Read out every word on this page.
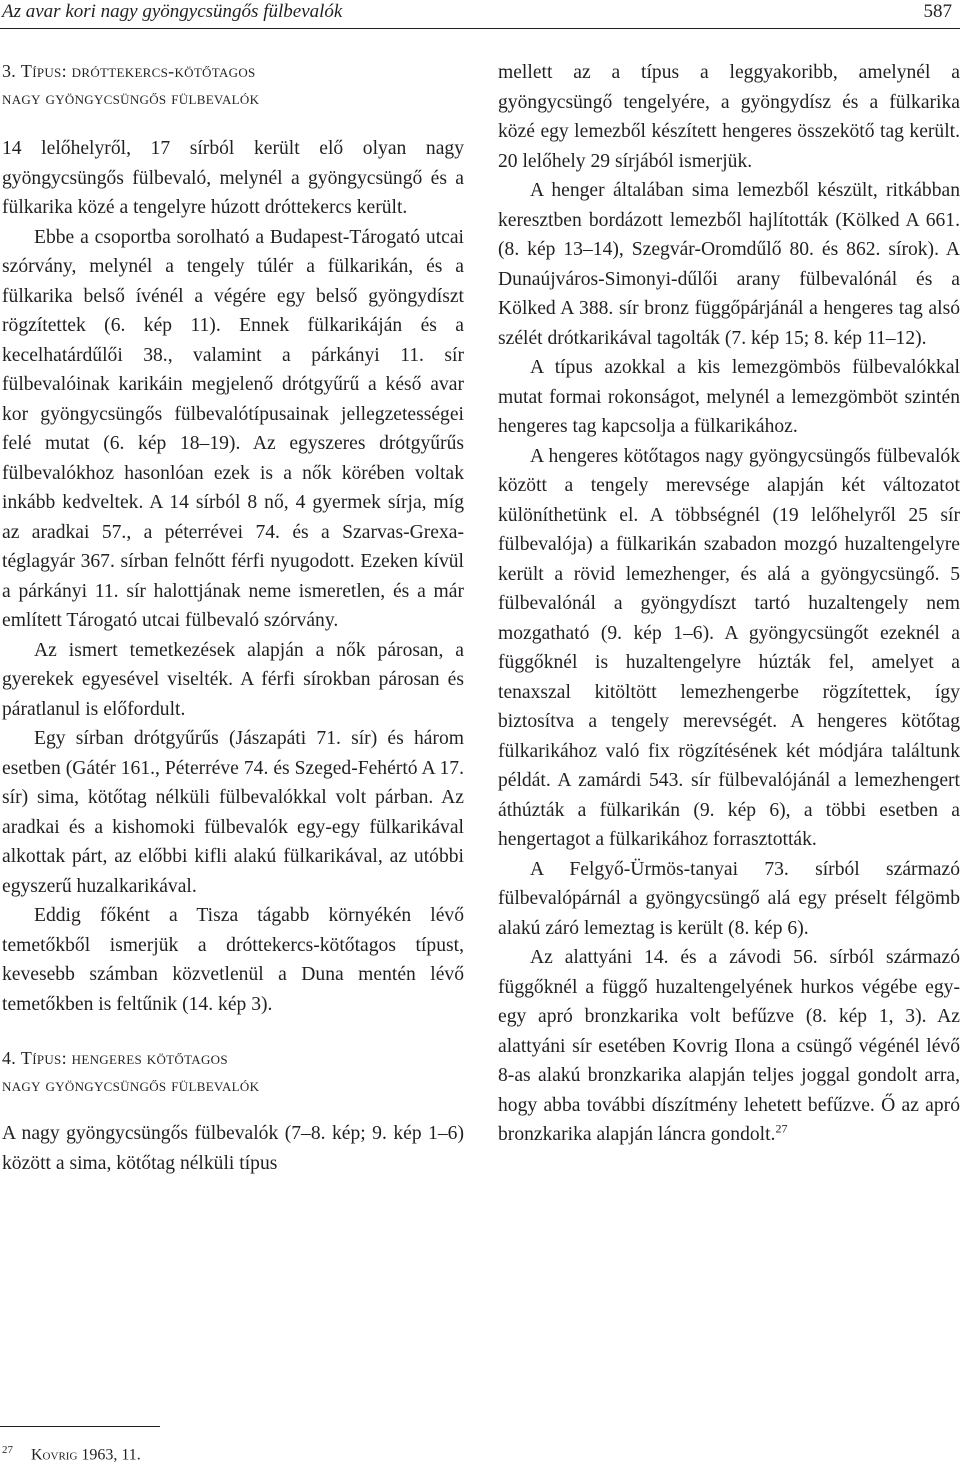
Az avar kori nagy gyöngycsüngős fülbevalók	587
3. Típus: dróttekercs-kötőtagos
nagy gyöngycsüngős fülbevalók

14 lelőhelyről, 17 sírból került elő olyan nagy gyöngycsüngős fülbevaló, melynél a gyöngycsüngő és a fülkarika közé a tengelyre húzott dróttekercs került.

Ebbe a csoportba sorolható a Budapest-Tárogató utcai szórvány, melynél a tengely túlér a fülkarikán, és a fülkarika belső ívénél a végére egy belső gyöngydíszt rögzítettek (6. kép 11). Ennek fülkarikáján és a kecelhatárdűlői 38., valamint a párkányi 11. sír fülbevalóinak karikáin megjelenő drótgyűrű a késő avar kor gyöngycsüngős fülbevalótípusainak jellegzetességei felé mutat (6. kép 18–19). Az egyszeres drótgyűrűs fülbevalókhoz hasonlóan ezek is a nők körében voltak inkább kedveltek. A 14 sírból 8 nő, 4 gyermek sírja, míg az aradkai 57., a péterrévei 74. és a Szarvas-Grexa-téglagyár 367. sírban felnőtt férfi nyugodott. Ezeken kívül a párkányi 11. sír halottjának neme ismeretlen, és a már említett Tárogató utcai fülbevaló szórvány.

Az ismert temetkezések alapján a nők párosan, a gyerekek egyesével viselték. A férfi sírokban párosan és páratlanul is előfordult.

Egy sírban drótgyűrűs (Jászapáti 71. sír) és három esetben (Gátér 161., Péterréve 74. és Szeged-Fehértó A 17. sír) sima, kötőtag nélküli fülbevalókkal volt párban. Az aradkai és a kishomoki fülbevalók egy-egy fülkarikával alkottak párt, az előbbi kifli alakú fülkarikával, az utóbbi egyszerű huzalkarikával.

Eddig főként a Tisza tágabb környékén lévő temetőkből ismerjük a dróttekercs-kötőtagos típust, kevesebb számban közvetlenül a Duna mentén lévő temetőkben is feltűnik (14. kép 3).

4. Típus: hengeres kötőtagos
nagy gyöngycsüngős fülbevalók

A nagy gyöngycsüngős fülbevalók (7–8. kép; 9. kép 1–6) között a sima, kötőtag nélküli típus

mellett az a típus a leggyakoribb, amelynél a gyöngycsüngő tengelyére, a gyöngydísz és a fülkarika közé egy lemezből készített hengeres összekötő tag került. 20 lelőhely 29 sírjából ismerjük.

A henger általában sima lemezből készült, ritkábban keresztben bordázott lemezből hajlították (Kölked A 661. (8. kép 13–14), Szegvár-Oromdűlő 80. és 862. sírok). A Dunaújváros-Simonyi-dűlői arany fülbevalónál és a Kölked A 388. sír bronz függőpárjánál a hengeres tag alsó szélét drótkarikával tagolták (7. kép 15; 8. kép 11–12).

A típus azokkal a kis lemezgömbös fülbevalókkal mutat formai rokonságot, melynél a lemezgömböt szintén hengeres tag kapcsolja a fülkarikához.

A hengeres kötőtagos nagy gyöngycsüngős fülbevalók között a tengely merevsége alapján két változatot különíthetünk el. A többségnél (19 lelőhelyről 25 sír fülbevalója) a fülkarikán szabadon mozgó huzaltengelyre került a rövid lemezhenger, és alá a gyöngycsüngő. 5 fülbevalónál a gyöngydíszt tartó huzaltengely nem mozgatható (9. kép 1–6). A gyöngycsüngőt ezeknél a függőknél is huzaltengelyre húzták fel, amelyet a tenaxszal kitöltött lemezhengerbe rögzítettek, így biztosítva a tengely merevségét. A hengeres kötőtag fülkarikához való fix rögzítésének két módjára találtunk példát. A zamárdi 543. sír fülbevalójánál a lemezhengert áthúzták a fülkarikán (9. kép 6), a többi esetben a hengertagot a fülkarikához forrasztották.

A Felgyő-Ürmös-tanyai 73. sírból származó fülbevalópárnál a gyöngycsüngő alá egy préselt félgömb alakú záró lemeztag is került (8. kép 6).

Az alattyáni 14. és a závodi 56. sírból származó függőknél a függő huzaltengelyének hurkos végébe egy-egy apró bronzkarika volt befűzve (8. kép 1, 3). Az alattyáni sír esetében Kovrig Ilona a csüngő végénél lévő 8-as alakú bronzkarika alapján teljes joggal gondolt arra, hogy abba további díszítmény lehetett befűzve. Ő az apró bronzkarika alapján láncra gondolt.$^{27}$

$^{27}$ Kovrig 1963, 11.
